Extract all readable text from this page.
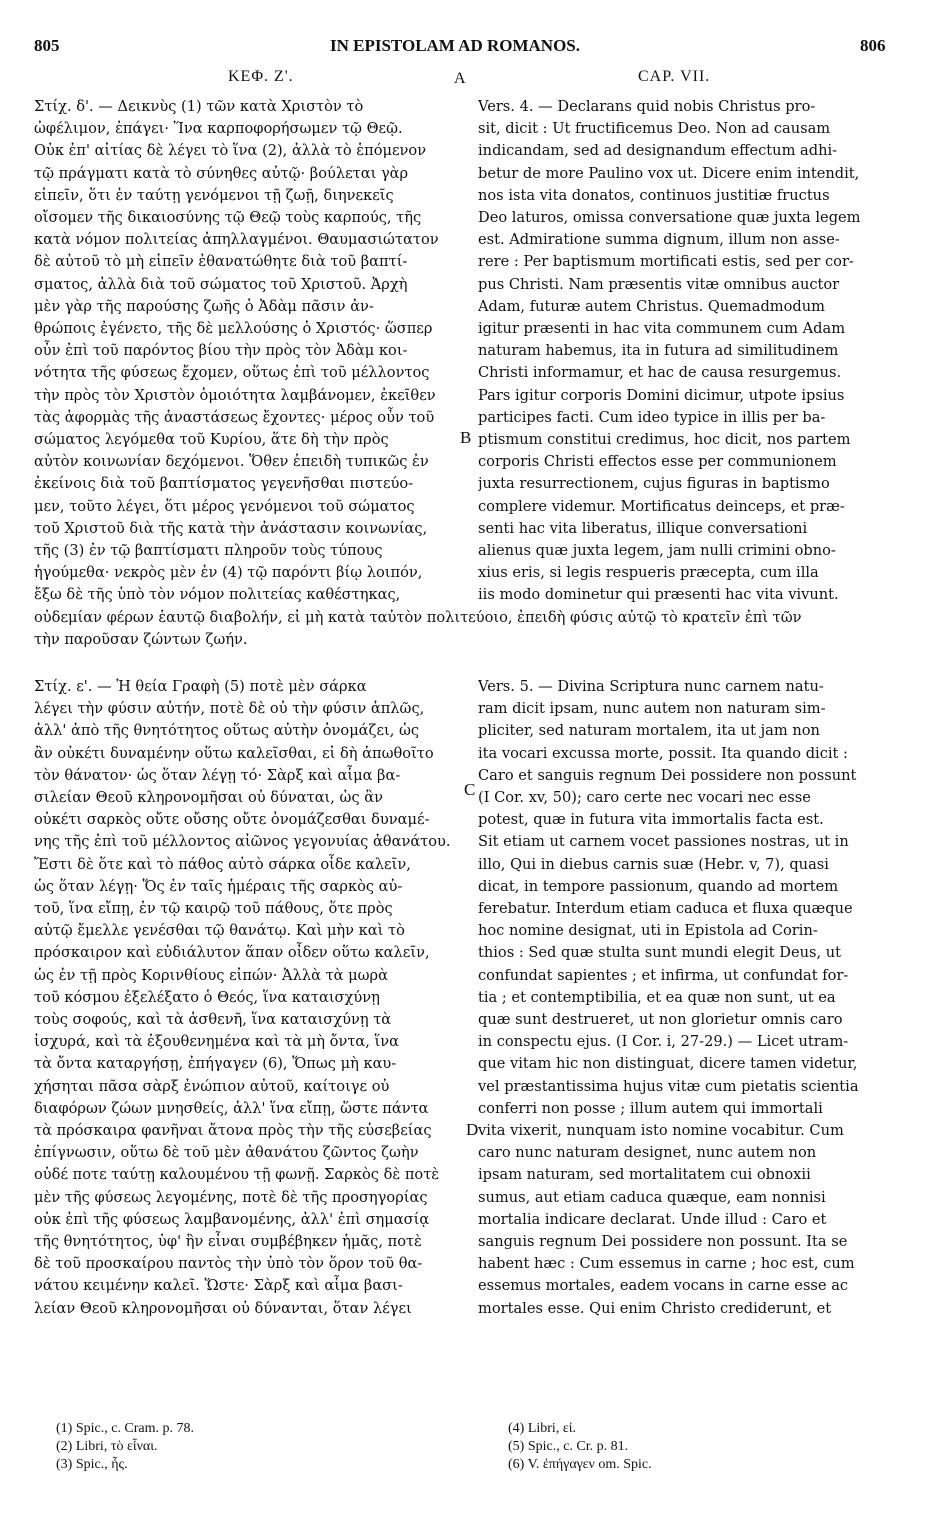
805	IN EPISTOLAM AD ROMANOS.	806
ΚΕΦ. Ζ'.	A	CAP. VII.
Στίχ. δ'. — Δεικνὺς (1) τῶν κατὰ Χριστὸν τὸ
ὠφέλιμον, ἐπάγει· Ἵνα καρποφορήσωμεν τῷ Θεῷ.
Οὐκ ἐπ' αἰτίας δὲ λέγει τὸ ἵνα (2), ἀλλὰ τὸ ἑπόμενον
τῷ πράγματι κατὰ τὸ σύνηθες αὐτῷ· βούλεται γὰρ
εἰπεῖν, ὅτι ἐν ταύτῃ γενόμενοι τῇ ζωῇ, διηνεκεῖς
οἴσομεν τῆς δικαιοσύνης τῷ Θεῷ τοὺς καρπούς, τῆς
κατὰ νόμον πολιτείας ἀπηλλαγμένοι. Θαυμασιώτατον
δὲ αὐτοῦ τὸ μὴ εἰπεῖν ἐθανατώθητε διὰ τοῦ βαπτί-
σματος, ἀλλὰ διὰ τοῦ σώματος τοῦ Χριστοῦ. Ἀρχὴ
μὲν γὰρ τῆς παρούσης ζωῆς ὁ Ἀδὰμ πᾶσιν ἀν-
θρώποις ἐγένετο, τῆς δὲ μελλούσης ὁ Χριστός· ὥσπερ
οὖν ἐπὶ τοῦ παρόντος βίου τὴν πρὸς τὸν Ἀδὰμ κοι-
νότητα τῆς φύσεως ἔχομεν, οὕτως ἐπὶ τοῦ μέλλοντος
τὴν πρὸς τὸν Χριστὸν ὁμοιότητα λαμβάνομεν, ἐκεῖθεν
τὰς ἀφορμὰς τῆς ἀναστάσεως ἔχοντες· μέρος οὖν τοῦ
σώματος λεγόμεθα τοῦ Κυρίου, ἅτε δὴ τὴν πρὸς
αὐτὸν κοινωνίαν δεχόμενοι. Ὅθεν ἐπειδὴ τυπικῶς ἐν
ἐκείνοις διὰ τοῦ βαπτίσματος γεγενῆσθαι πιστεύο-
μεν, τοῦτο λέγει, ὅτι μέρος γενόμενοι τοῦ σώματος
τοῦ Χριστοῦ διὰ τῆς κατὰ τὴν ἀνάστασιν κοινωνίας,
τῆς (3) ἐν τῷ βαπτίσματι πληροῦν τοὺς τύπους
ἡγούμεθα· νεκρὸς μὲν ἐν (4) τῷ παρόντι βίῳ λοιπόν,
ἔξω δὲ τῆς ὑπὸ τὸν νόμον πολιτείας καθέστηκας,
Vers. 4. — Declarans quid nobis Christus pro-
sit, dicit : Ut fructificemus Deo. Non ad causam
indicandam, sed ad designandum effectum adhi-
betur de more Paulino vox ut. Dicere enim intendit,
nos ista vita donatos, continuos justitiæ fructus
Deo laturos, omissa conversatione quæ juxta legem
est. Admiratione summa dignum, illum non asse-
rere : Per baptismum mortificati estis, sed per cor-
pus Christi. Nam præsentis vitæ omnibus auctor
Adam, futuræ autem Christus. Quemadmodum
igitur præsenti in hac vita communem cum Adam
naturam habemus, ita in futura ad similitudinem
Christi informamur, et hac de causa resurgemus.
Pars igitur corporis Domini dicimur, utpote ipsius
participes facti. Cum ideo typice in illis per ba-
ptismum constitui credimus, hoc dicit, nos partem
corporis Christi effectos esse per communionem
juxta resurrectionem, cujus figuras in baptismo
complere videmur. Mortificatus deinceps, et præ-
senti hac vita liberatus, illique conversationi
alienus quæ juxta legem, jam nulli crimini obno-
xius eris, si legis respueris præcepta, cum illa
iis modo dominetur qui præsenti hac vita vivunt.
B
C
D
οὐδεμίαν φέρων ἑαυτῷ διαβολήν, εἰ μὴ κατὰ ταὐτὸν πολιτεύοιο, ἐπειδὴ φύσις αὐτῷ τὸ κρατεῖν ἐπὶ τῶν
τὴν παροῦσαν ζώντων ζωήν.
Στίχ. ε'. — Ἡ θεία Γραφὴ (5) ποτὲ μὲν σάρκα
λέγει τὴν φύσιν αὐτήν, ποτὲ δὲ οὐ τὴν φύσιν ἁπλῶς,
ἀλλ' ἀπὸ τῆς θνητότητος οὕτως αὐτὴν ὀνομάζει, ὡς
ἂν οὐκέτι δυναμένην οὕτω καλεῖσθαι, εἰ δὴ ἀπωθοῖτο
τὸν θάνατον· ὡς ὅταν λέγῃ τό· Σὰρξ καὶ αἷμα βα-
σιλείαν Θεοῦ κληρονομῆσαι οὐ δύναται, ὡς ἂν
οὐκέτι σαρκὸς οὔτε οὔσης οὔτε ὀνομάζεσθαι δυναμέ-
νης τῆς ἐπὶ τοῦ μέλλοντος αἰῶνος γεγονυίας ἀθανάτου.
Ἔστι δὲ ὅτε καὶ τὸ πάθος αὐτὸ σάρκα οἶδε καλεῖν,
ὡς ὅταν λέγῃ· Ὅς ἐν ταῖς ἡμέραις τῆς σαρκὸς αὐ-
τοῦ, ἵνα εἴπῃ, ἐν τῷ καιρῷ τοῦ πάθους, ὅτε πρὸς
αὐτῷ ἔμελλε γενέσθαι τῷ θανάτῳ. Καὶ μὴν καὶ τὸ
πρόσκαιρον καὶ εὐδιάλυτον ἅπαν οἶδεν οὕτω καλεῖν,
ὡς ἐν τῇ πρὸς Κορινθίους εἰπών· Ἀλλὰ τὰ μωρὰ
τοῦ κόσμου ἐξελέξατο ὁ Θεός, ἵνα καταισχύνῃ
τοὺς σοφούς, καὶ τὰ ἀσθενῆ, ἵνα καταισχύνῃ τὰ
ἰσχυρά, καὶ τὰ ἐξουθενημένα καὶ τὰ μὴ ὄντα, ἵνα
τὰ ὄντα καταργήσῃ, ἐπήγαγεν (6), Ὅπως μὴ καυ-
χήσηται πᾶσα σὰρξ ἐνώπιον αὐτοῦ, καίτοιγε οὐ
διαφόρων ζώων μνησθείς, ἀλλ' ἵνα εἴπῃ, ὥστε πάντα
τὰ πρόσκαιρα φανῆναι ἄτονα πρὸς τὴν τῆς εὐσεβείας
ἐπίγνωσιν, οὕτω δὲ τοῦ μὲν ἀθανάτου ζῶντος ζωὴν
οὐδέ ποτε ταύτῃ καλουμένου τῇ φωνῇ. Σαρκὸς δὲ ποτὲ
μὲν τῆς φύσεως λεγομένης, ποτὲ δὲ τῆς προσηγορίας
οὐκ ἐπὶ τῆς φύσεως λαμβανομένης, ἀλλ' ἐπὶ σημασίᾳ
τῆς θνητότητος, ὑφ' ἣν εἶναι συμβέβηκεν ἡμᾶς, ποτὲ
δὲ τοῦ προσκαίρου παντὸς τὴν ὑπὸ τὸν ὅρον τοῦ θα-
νάτου κειμένην καλεῖ. Ὥστε· Σὰρξ καὶ αἷμα βασι-
λείαν Θεοῦ κληρονομῆσαι οὐ δύνανται, ὅταν λέγει
Vers. 5. — Divina Scriptura nunc carnem natu-
ram dicit ipsam, nunc autem non naturam sim-
pliciter, sed naturam mortalem, ita ut jam non
ita vocari excussa morte, possit. Ita quando dicit :
Caro et sanguis regnum Dei possidere non possunt
(I Cor. xv, 50); caro certe nec vocari nec esse
potest, quæ in futura vita immortalis facta est.
Sit etiam ut carnem vocet passiones nostras, ut in
illo, Qui in diebus carnis suæ (Hebr. v, 7), quasi
dicat, in tempore passionum, quando ad mortem
ferebatur. Interdum etiam caduca et fluxa quæque
hoc nomine designat, uti in Epistola ad Corin-
thios : Sed quæ stulta sunt mundi elegit Deus, ut
confundat sapientes ; et infirma, ut confundat for-
tia ; et contemptibilia, et ea quæ non sunt, ut ea
quæ sunt destrueret, ut non glorietur omnis caro
in conspectu ejus. (I Cor. i, 27-29.) — Licet utram-
que vitam hic non distinguat, dicere tamen videtur,
vel præstantissima hujus vitæ cum pietatis scientia
conferri non posse ; illum autem qui immortali
vita vixerit, nunquam isto nomine vocabitur. Cum
caro nunc naturam designet, nunc autem non
ipsam naturam, sed mortalitatem cui obnoxii
sumus, aut etiam caduca quæque, eam nonnisi
mortalia indicare declarat. Unde illud : Caro et
sanguis regnum Dei possidere non possunt. Ita se
habent hæc : Cum essemus in carne ; hoc est, cum
essemus mortales, eadem vocans in carne esse ac
mortales esse. Qui enim Christo crediderunt, et
(1) Spic., c. Cram. p. 78.
(2) Libri, τὸ εἶναι.
(3) Spic., ἧς.
(4) Libri, εἰ.
(5) Spic., c. Cr. p. 81.
(6) V. ἐπήγαγεν om. Spic.
